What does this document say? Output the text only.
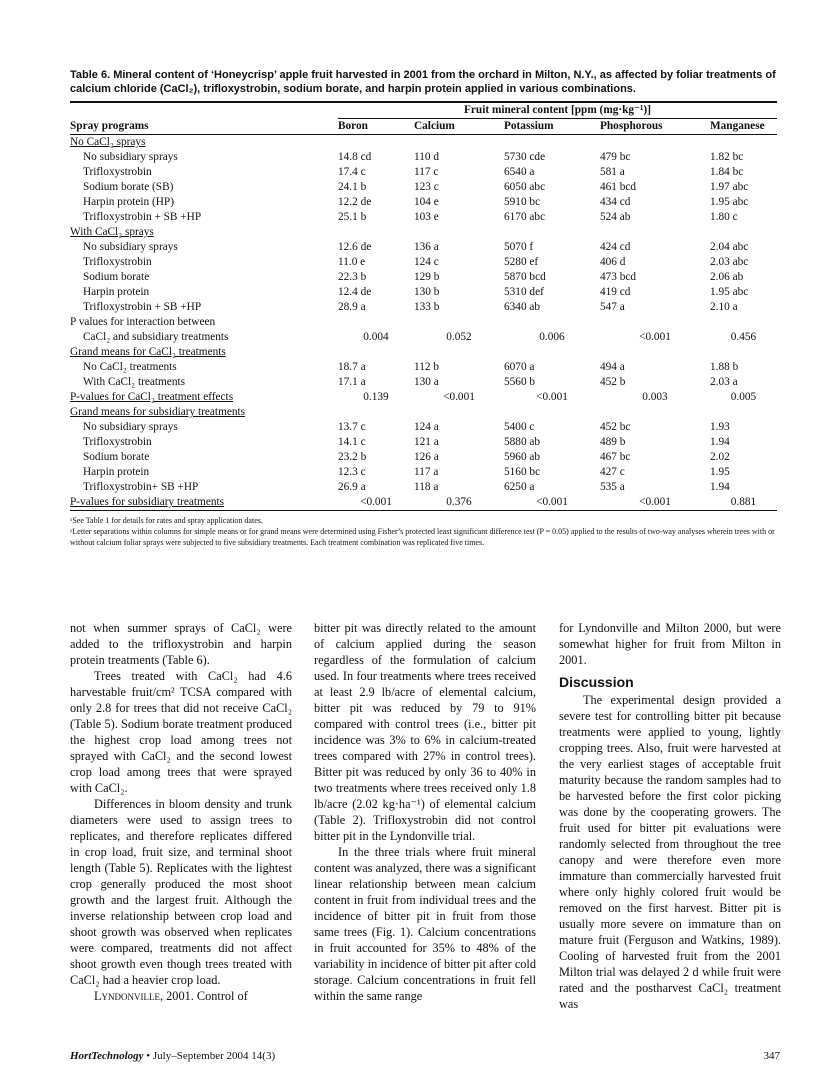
Table 6. Mineral content of ‘Honeycrisp’ apple fruit harvested in 2001 from the orchard in Milton, N.Y., as affected by foliar treatments of calcium chloride (CaCl₂), trifloxystrobin, sodium borate, and harpin protein applied in various combinations.

	Fruit mineral content [ppm (mg·kg⁻¹)]				
Spray programs	Boron	Calcium	Potassium	Phosphorous	Manganese
No CaCl₂ sprays					
No subsidiary sprays	14.8 cd	110 d	5730 cde	479 bc	1.82 bc
Trifloxystrobin	17.4 c	117 c	6540 a	581 a	1.84 bc
Sodium borate (SB)	24.1 b	123 c	6050 abc	461 bcd	1.97 abc
Harpin protein (HP)	12.2 de	104 e	5910 bc	434 cd	1.95 abc
Trifloxystrobin + SB +HP	25.1 b	103 e	6170 abc	524 ab	1.80 c
With CaCl₂ sprays					
No subsidiary sprays	12.6 de	136 a	5070 f	424 cd	2.04 abc
Trifloxystrobin	11.0 e	124 c	5280 ef	406 d	2.03 abc
Sodium borate	22.3 b	129 b	5870 bcd	473 bcd	2.06 ab
Harpin protein	12.4 de	130 b	5310 def	419 cd	1.95 abc
Trifloxystrobin + SB +HP	28.9 a	133 b	6340 ab	547 a	2.10 a
P values for interaction between					
CaCl₂ and subsidiary treatments	0.004	0.052	0.006	<0.001	0.456
Grand means for CaCl₂ treatments					
No CaCl₂ treatments	18.7 a	112 b	6070 a	494 a	1.88 b
With CaCl₂ treatments	17.1 a	130 a	5560 b	452 b	2.03 a
P-values for CaCl₂ treatment effects	0.139	<0.001	<0.001	0.003	0.005
Grand means for subsidiary treatments					
No subsidiary sprays	13.7 c	124 a	5400 c	452 bc	1.93
Trifloxystrobin	14.1 c	121 a	5880 ab	489 b	1.94
Sodium borate	23.2 b	126 a	5960 ab	467 bc	2.02
Harpin protein	12.3 c	117 a	5160 bc	427 c	1.95
Trifloxystrobin+ SB +HP	26.9 a	118 a	6250 a	535 a	1.94
P-values for subsidiary treatments	<0.001	0.376	<0.001	<0.001	0.881
ˣSee Table 1 for details for rates and spray application dates.
ʸLetter separations within columns for simple means or for grand means were determined using Fisher’s protected least significant difference test (P = 0.05) applied to the results of two-way analyses wherein trees with or without calcium foliar sprays were subjected to five subsidiary treatments. Each treatment combination was replicated five times.

not when summer sprays of CaCl₂ were added to the trifloxystrobin and harpin protein treatments (Table 6).

Trees treated with CaCl₂ had 4.6 harvestable fruit/cm² TCSA compared with only 2.8 for trees that did not receive CaCl₂ (Table 5). Sodium borate treatment produced the highest crop load among trees not sprayed with CaCl₂ and the second lowest crop load among trees that were sprayed with CaCl₂.

Differences in bloom density and trunk diameters were used to assign trees to replicates, and therefore replicates differed in crop load, fruit size, and terminal shoot length (Table 5). Replicates with the lightest crop generally produced the most shoot growth and the largest fruit. Although the inverse relationship between crop load and shoot growth was observed when replicates were compared, treatments did not affect shoot growth even though trees treated with CaCl₂ had a heavier crop load.

Lyndonville, 2001. Control of

bitter pit was directly related to the amount of calcium applied during the season regardless of the formulation of calcium used. In four treatments where trees received at least 2.9 lb/acre of elemental calcium, bitter pit was reduced by 79 to 91% compared with control trees (i.e., bitter pit incidence was 3% to 6% in calcium-treated trees compared with 27% in control trees). Bitter pit was reduced by only 36 to 40% in two treatments where trees received only 1.8 lb/acre (2.02 kg·ha⁻¹) of elemental calcium (Table 2). Trifloxystrobin did not control bitter pit in the Lyndonville trial.

In the three trials where fruit mineral content was analyzed, there was a significant linear relationship between mean calcium content in fruit from individual trees and the incidence of bitter pit in fruit from those same trees (Fig. 1). Calcium concentrations in fruit accounted for 35% to 48% of the variability in incidence of bitter pit after cold storage. Calcium concentrations in fruit fell within the same range

for Lyndonville and Milton 2000, but were somewhat higher for fruit from Milton in 2001.

Discussion

The experimental design provided a severe test for controlling bitter pit because treatments were applied to young, lightly cropping trees. Also, fruit were harvested at the very earliest stages of acceptable fruit maturity because the random samples had to be harvested before the first color picking was done by the cooperating growers. The fruit used for bitter pit evaluations were randomly selected from throughout the tree canopy and were therefore even more immature than commercially harvested fruit where only highly colored fruit would be removed on the first harvest. Bitter pit is usually more severe on immature than on mature fruit (Ferguson and Watkins, 1989). Cooling of harvested fruit from the 2001 Milton trial was delayed 2 d while fruit were rated and the postharvest CaCl₂ treatment was

HortTechnology • July–September 2004 14(3)	347
